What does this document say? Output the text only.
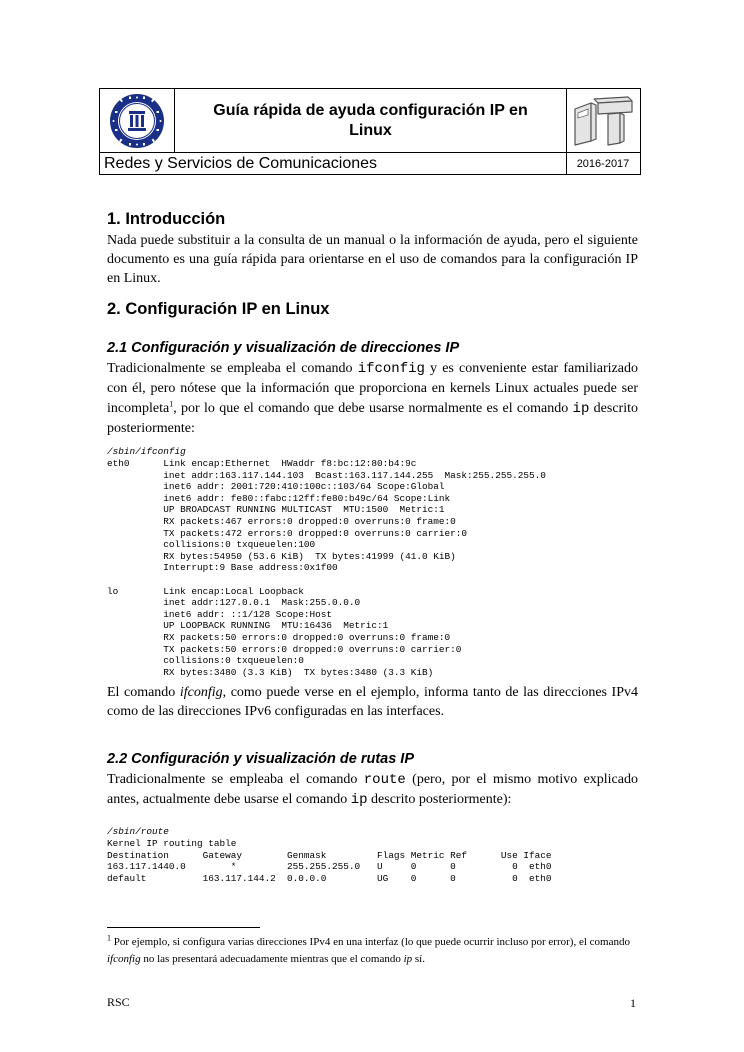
Guía rápida de ayuda configuración IP en
Linux
Redes y Servicios de Comunicaciones	2016-2017
1. Introducción
Nada puede substituir a la consulta de un manual o la información de ayuda, pero el siguiente documento es una guía rápida para orientarse en el uso de comandos para la configuración IP en Linux.
2. Configuración IP en Linux
2.1 Configuración y visualización de direcciones IP
Tradicionalmente se empleaba el comando ifconfig y es conveniente estar familiarizado con él, pero nótese que la información que proporciona en kernels Linux actuales puede ser incompleta$^1$, por lo que el comando que debe usarse normalmente es el comando ip descrito posteriormente:
/sbin/ifconfig
eth0      Link encap:Ethernet  HWaddr f8:bc:12:80:b4:9c
inet addr:163.117.144.103  Bcast:163.117.144.255  Mask:255.255.255.0
inet6 addr: 2001:720:410:100c::103/64 Scope:Global
inet6 addr: fe80::fabc:12ff:fe80:b49c/64 Scope:Link
UP BROADCAST RUNNING MULTICAST  MTU:1500  Metric:1
RX packets:467 errors:0 dropped:0 overruns:0 frame:0
TX packets:472 errors:0 dropped:0 overruns:0 carrier:0
collisions:0 txqueuelen:100
RX bytes:54950 (53.6 KiB)  TX bytes:41999 (41.0 KiB)
Interrupt:9 Base address:0x1f00

lo        Link encap:Local Loopback
inet addr:127.0.0.1  Mask:255.0.0.0
inet6 addr: ::1/128 Scope:Host
UP LOOPBACK RUNNING  MTU:16436  Metric:1
RX packets:50 errors:0 dropped:0 overruns:0 frame:0
TX packets:50 errors:0 dropped:0 overruns:0 carrier:0
collisions:0 txqueuelen:0
RX bytes:3480 (3.3 KiB)  TX bytes:3480 (3.3 KiB)
El comando ifconfig, como puede verse en el ejemplo, informa tanto de las direcciones IPv4 como de las direcciones IPv6 configuradas en las interfaces.
2.2 Configuración y visualización de rutas IP
Tradicionalmente se empleaba el comando route (pero, por el mismo motivo explicado antes, actualmente debe usarse el comando ip descrito posteriormente):
/sbin/route
Kernel IP routing table
Destination      Gateway        Genmask         Flags Metric Ref      Use Iface
163.117.1440.0        *         255.255.255.0   U     0      0          0  eth0
default          163.117.144.2  0.0.0.0         UG    0      0          0  eth0
$^1$ Por ejemplo, si configura varias direcciones IPv4 en una interfaz (lo que puede ocurrir incluso por error), el comando ifconfig no las presentará adecuadamente mientras que el comando ip sí.
RSC	1
